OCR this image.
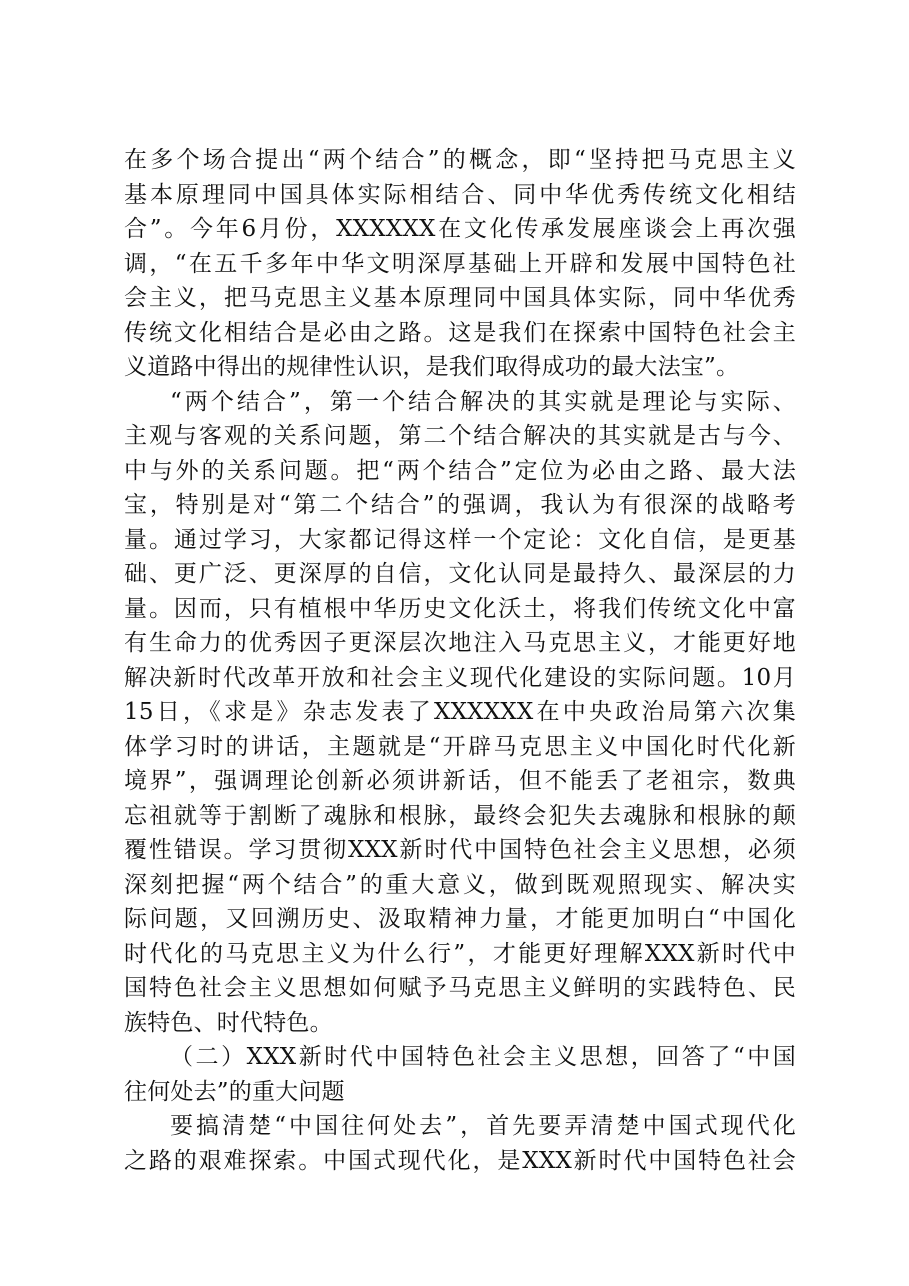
在多个场合提出“两个结合”的概念，即“坚持把马克思主义
基本原理同中国具体实际相结合、同中华优秀传统文化相结
合”。今年6月份，XXXXXX在文化传承发展座谈会上再次强
调，“在五千多年中华文明深厚基础上开辟和发展中国特色社
会主义，把马克思主义基本原理同中国具体实际，同中华优秀
传统文化相结合是必由之路。这是我们在探索中国特色社会主
义道路中得出的规律性认识，是我们取得成功的最大法宝”。
“两个结合”，第一个结合解决的其实就是理论与实际、
主观与客观的关系问题，第二个结合解决的其实就是古与今、
中与外的关系问题。把“两个结合”定位为必由之路、最大法
宝，特别是对“第二个结合”的强调，我认为有很深的战略考
量。通过学习，大家都记得这样一个定论：文化自信，是更基
础、更广泛、更深厚的自信，文化认同是最持久、最深层的力
量。因而，只有植根中华历史文化沃土，将我们传统文化中富
有生命力的优秀因子更深层次地注入马克思主义，才能更好地
解决新时代改革开放和社会主义现代化建设的实际问题。10月
15日，《求是》杂志发表了XXXXXX在中央政治局第六次集
体学习时的讲话，主题就是“开辟马克思主义中国化时代化新
境界”，强调理论创新必须讲新话，但不能丢了老祖宗，数典
忘祖就等于割断了魂脉和根脉，最终会犯失去魂脉和根脉的颠
覆性错误。学习贯彻XXX新时代中国特色社会主义思想，必须
深刻把握“两个结合”的重大意义，做到既观照现实、解决实
际问题，又回溯历史、汲取精神力量，才能更加明白“中国化
时代化的马克思主义为什么行”，才能更好理解XXX新时代中
国特色社会主义思想如何赋予马克思主义鲜明的实践特色、民
族特色、时代特色。
（二）XXX新时代中国特色社会主义思想，回答了“中国
往何处去”的重大问题
要搞清楚“中国往何处去”，首先要弄清楚中国式现代化
之路的艰难探索。中国式现代化，是XXX新时代中国特色社会
